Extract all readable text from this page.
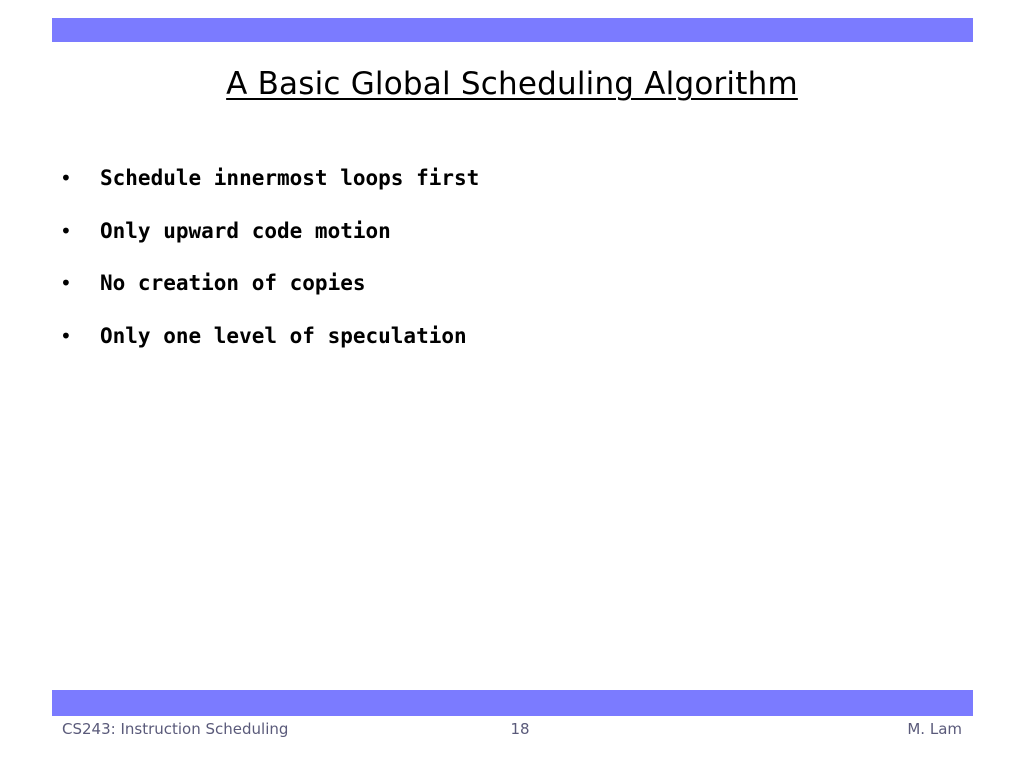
A Basic Global Scheduling Algorithm
•	Schedule innermost loops first
•	Only upward code motion
•	No creation of copies
•	Only one level of speculation
CS243: Instruction Scheduling	18	M. Lam
